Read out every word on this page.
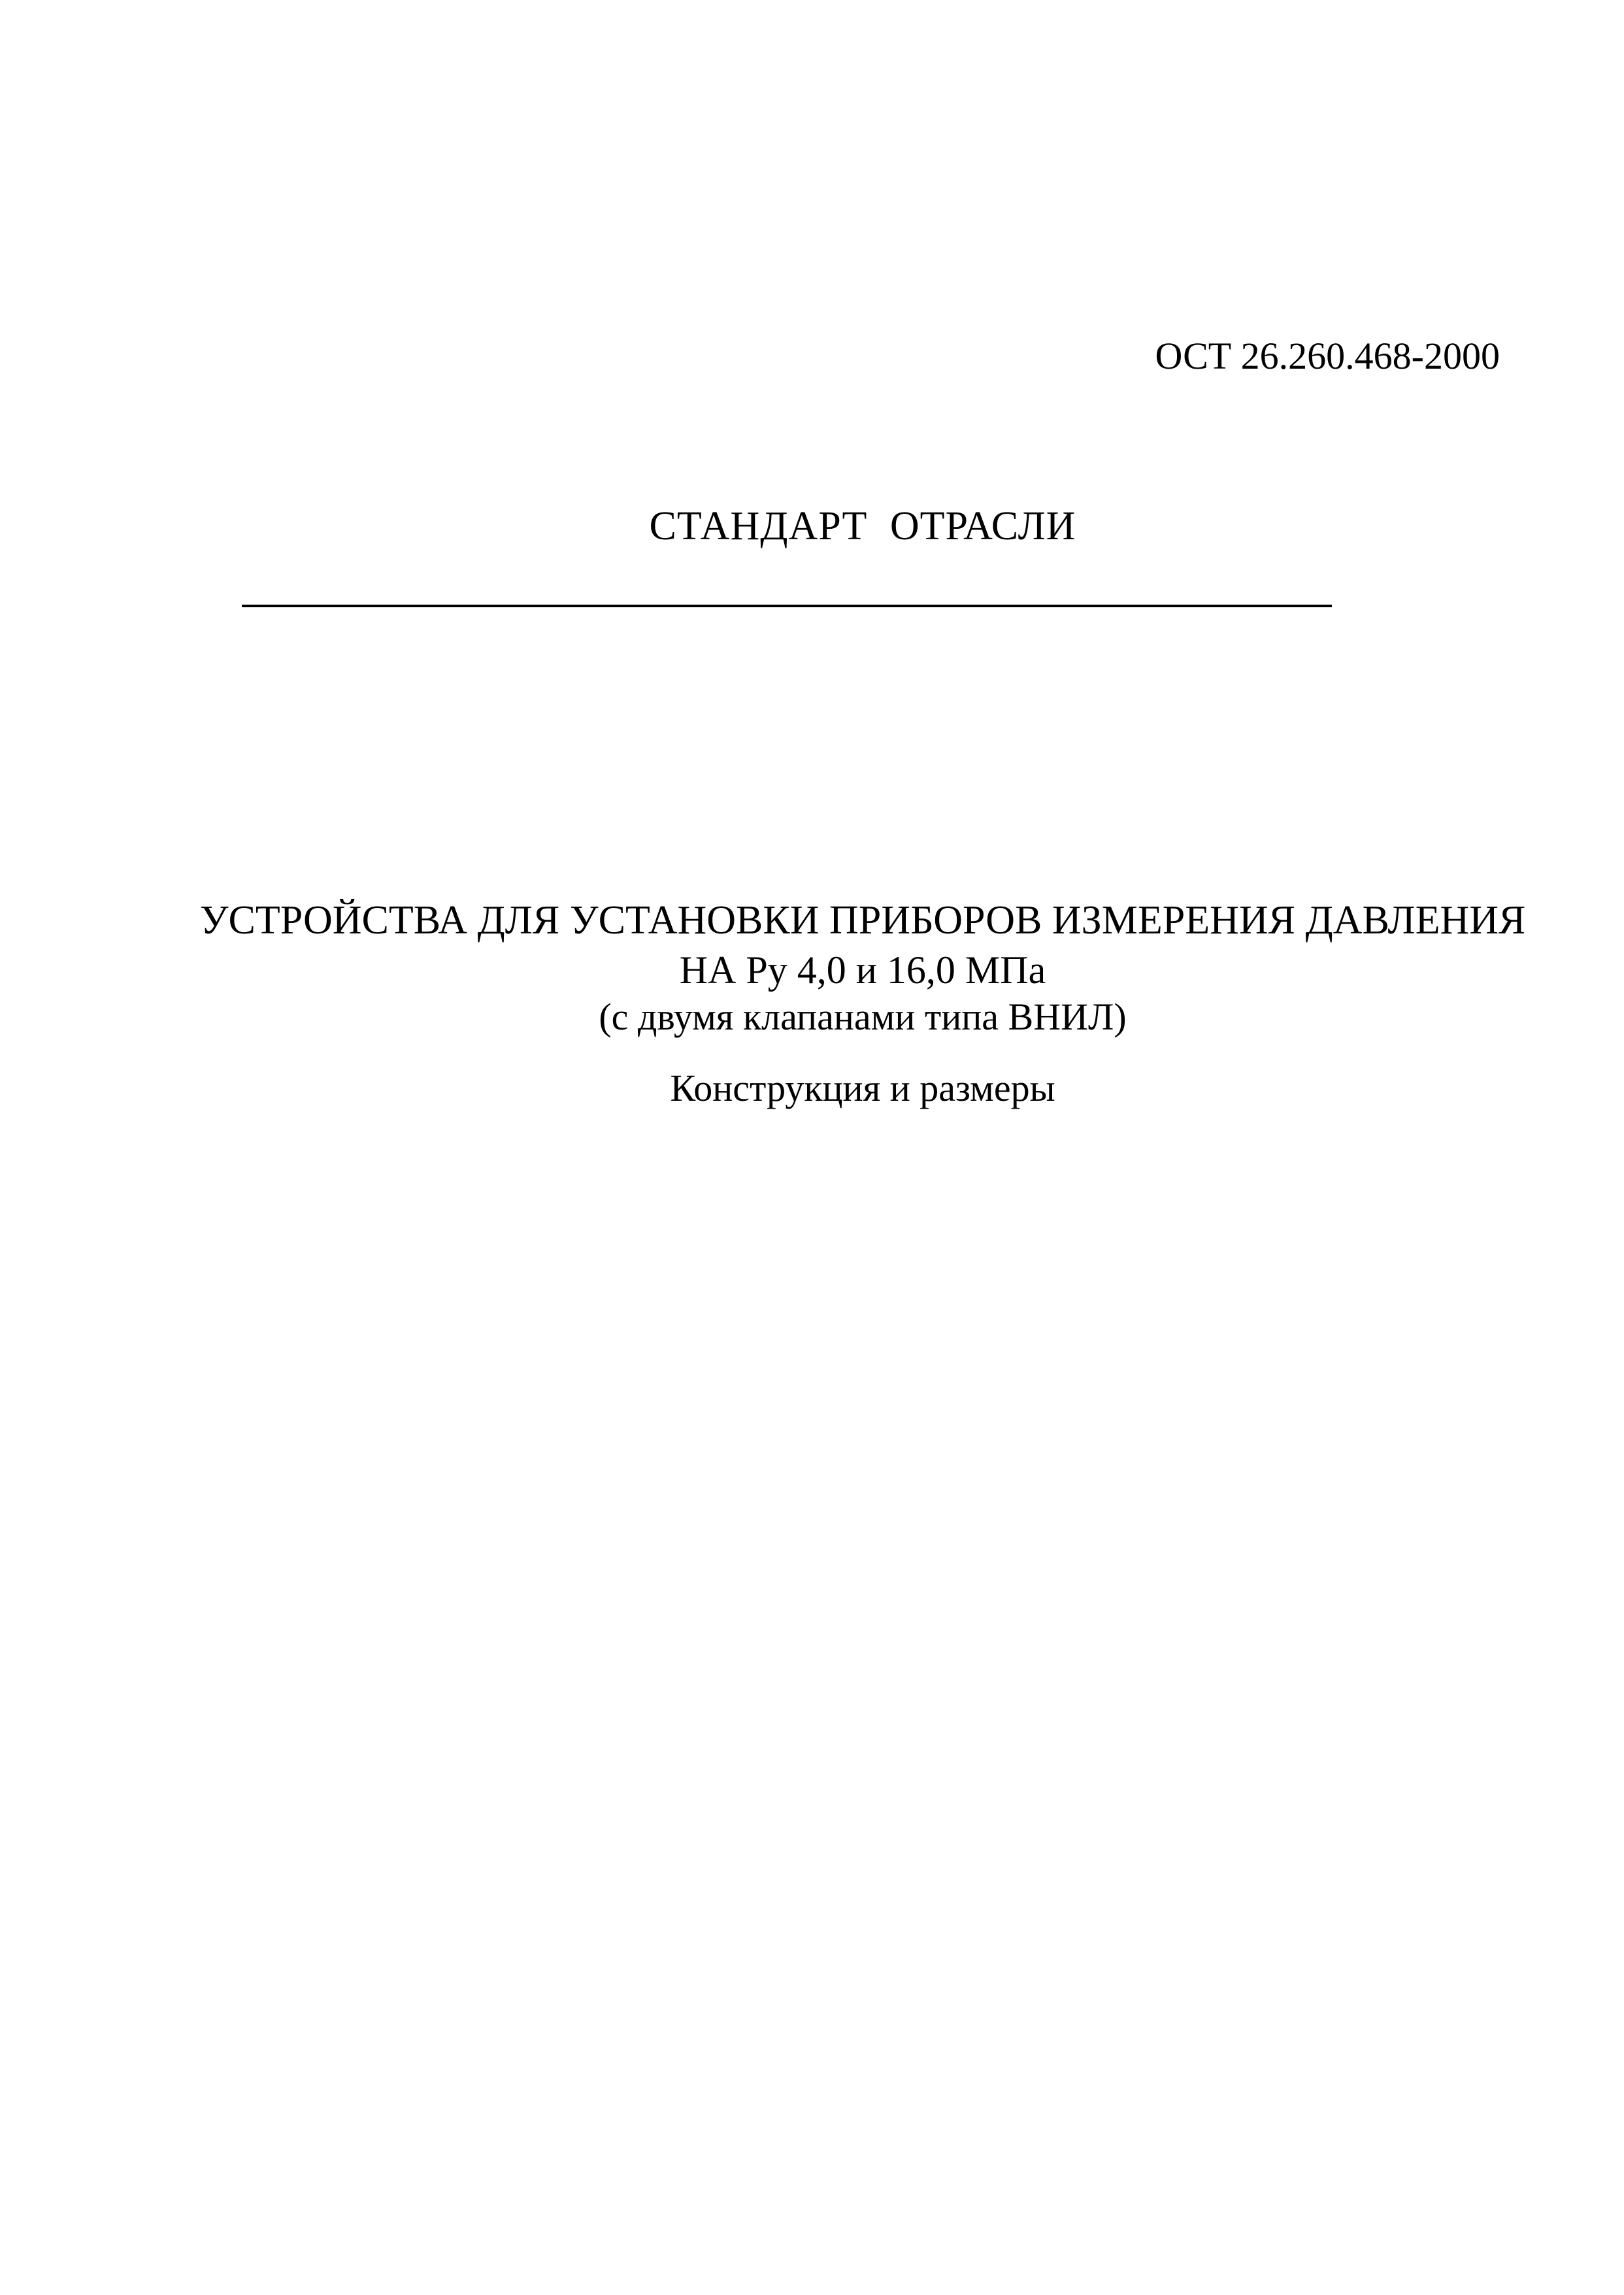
ОСТ 26.260.468-2000
СТАНДАРТ ОТРАСЛИ
УСТРОЙСТВА ДЛЯ УСТАНОВКИ ПРИБОРОВ ИЗМЕРЕНИЯ ДАВЛЕНИЯ
НА Ру 4,0 и 16,0 МПа
(с двумя клапанами типа ВНИЛ)
Конструкция и размеры
